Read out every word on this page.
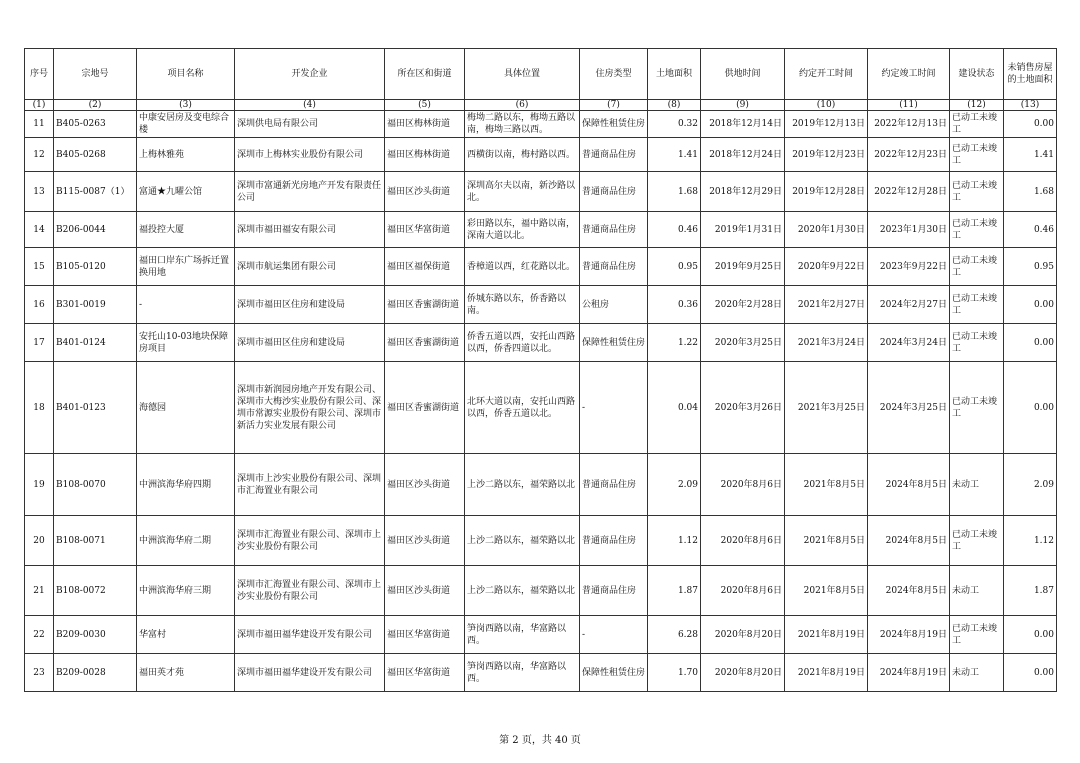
序号	宗地号	项目名称	开发企业	所在区和街道	具体位置	住房类型	土地面积	供地时间	约定开工时间	约定竣工时间	建设状态	未销售房屋的土地面积
(1)	(2)	(3)	(4)	(5)	(6)	(7)	(8)	(9)	(10)	(11)	(12)	(13)
11	B405-0263	中康安居房及变电综合楼	深圳供电局有限公司	福田区梅林街道	梅坳二路以东，梅坳五路以南，梅坳三路以西。	保障性租赁住房	0.32	2018年12月14日	2019年12月13日	2022年12月13日	已动工未竣工	0.00
12	B405-0268	上梅林雅苑	深圳市上梅林实业股份有限公司	福田区梅林街道	西横街以南，梅村路以西。	普通商品住房	1.41	2018年12月24日	2019年12月23日	2022年12月23日	已动工未竣工	1.41
13	B115-0087（1）	富通★九曜公馆	深圳市富通新光房地产开发有限责任公司	福田区沙头街道	深圳高尔夫以南，新沙路以北。	普通商品住房	1.68	2018年12月29日	2019年12月28日	2022年12月28日	已动工未竣工	1.68
14	B206-0044	福投控大厦	深圳市福田福安有限公司	福田区华富街道	彩田路以东，福中路以南，深南大道以北。	普通商品住房	0.46	2019年1月31日	2020年1月30日	2023年1月30日	已动工未竣工	0.46
15	B105-0120	福田口岸东广场拆迁置换用地	深圳市航运集团有限公司	福田区福保街道	香樟道以西，红花路以北。	普通商品住房	0.95	2019年9月25日	2020年9月22日	2023年9月22日	已动工未竣工	0.95
16	B301-0019	-	深圳市福田区住房和建设局	福田区香蜜湖街道	侨城东路以东，侨香路以南。	公租房	0.36	2020年2月28日	2021年2月27日	2024年2月27日	已动工未竣工	0.00
17	B401-0124	安托山10-03地块保障房项目	深圳市福田区住房和建设局	福田区香蜜湖街道	侨香五道以西，安托山西路以西，侨香四道以北。	保障性租赁住房	1.22	2020年3月25日	2021年3月24日	2024年3月24日	已动工未竣工	0.00
18	B401-0123	海德园	深圳市新润园房地产开发有限公司、深圳市大梅沙实业股份有限公司、深圳市常源实业股份有限公司、深圳市新活力实业发展有限公司	福田区香蜜湖街道	北环大道以南，安托山西路以西，侨香五道以北。	-	0.04	2020年3月26日	2021年3月25日	2024年3月25日	已动工未竣工	0.00
19	B108-0070	中洲滨海华府四期	深圳市上沙实业股份有限公司、深圳市汇海置业有限公司	福田区沙头街道	上沙二路以东，福荣路以北	普通商品住房	2.09	2020年8月6日	2021年8月5日	2024年8月5日	未动工	2.09
20	B108-0071	中洲滨海华府二期	深圳市汇海置业有限公司、深圳市上沙实业股份有限公司	福田区沙头街道	上沙二路以东，福荣路以北	普通商品住房	1.12	2020年8月6日	2021年8月5日	2024年8月5日	已动工未竣工	1.12
21	B108-0072	中洲滨海华府三期	深圳市汇海置业有限公司、深圳市上沙实业股份有限公司	福田区沙头街道	上沙二路以东，福荣路以北	普通商品住房	1.87	2020年8月6日	2021年8月5日	2024年8月5日	未动工	1.87
22	B209-0030	华富村	深圳市福田福华建设开发有限公司	福田区华富街道	笋岗西路以南，华富路以西。	-	6.28	2020年8月20日	2021年8月19日	2024年8月19日	已动工未竣工	0.00
23	B209-0028	福田英才苑	深圳市福田福华建设开发有限公司	福田区华富街道	笋岗西路以南，华富路以西。	保障性租赁住房	1.70	2020年8月20日	2021年8月19日	2024年8月19日	未动工	0.00
第 2 页，共 40 页
